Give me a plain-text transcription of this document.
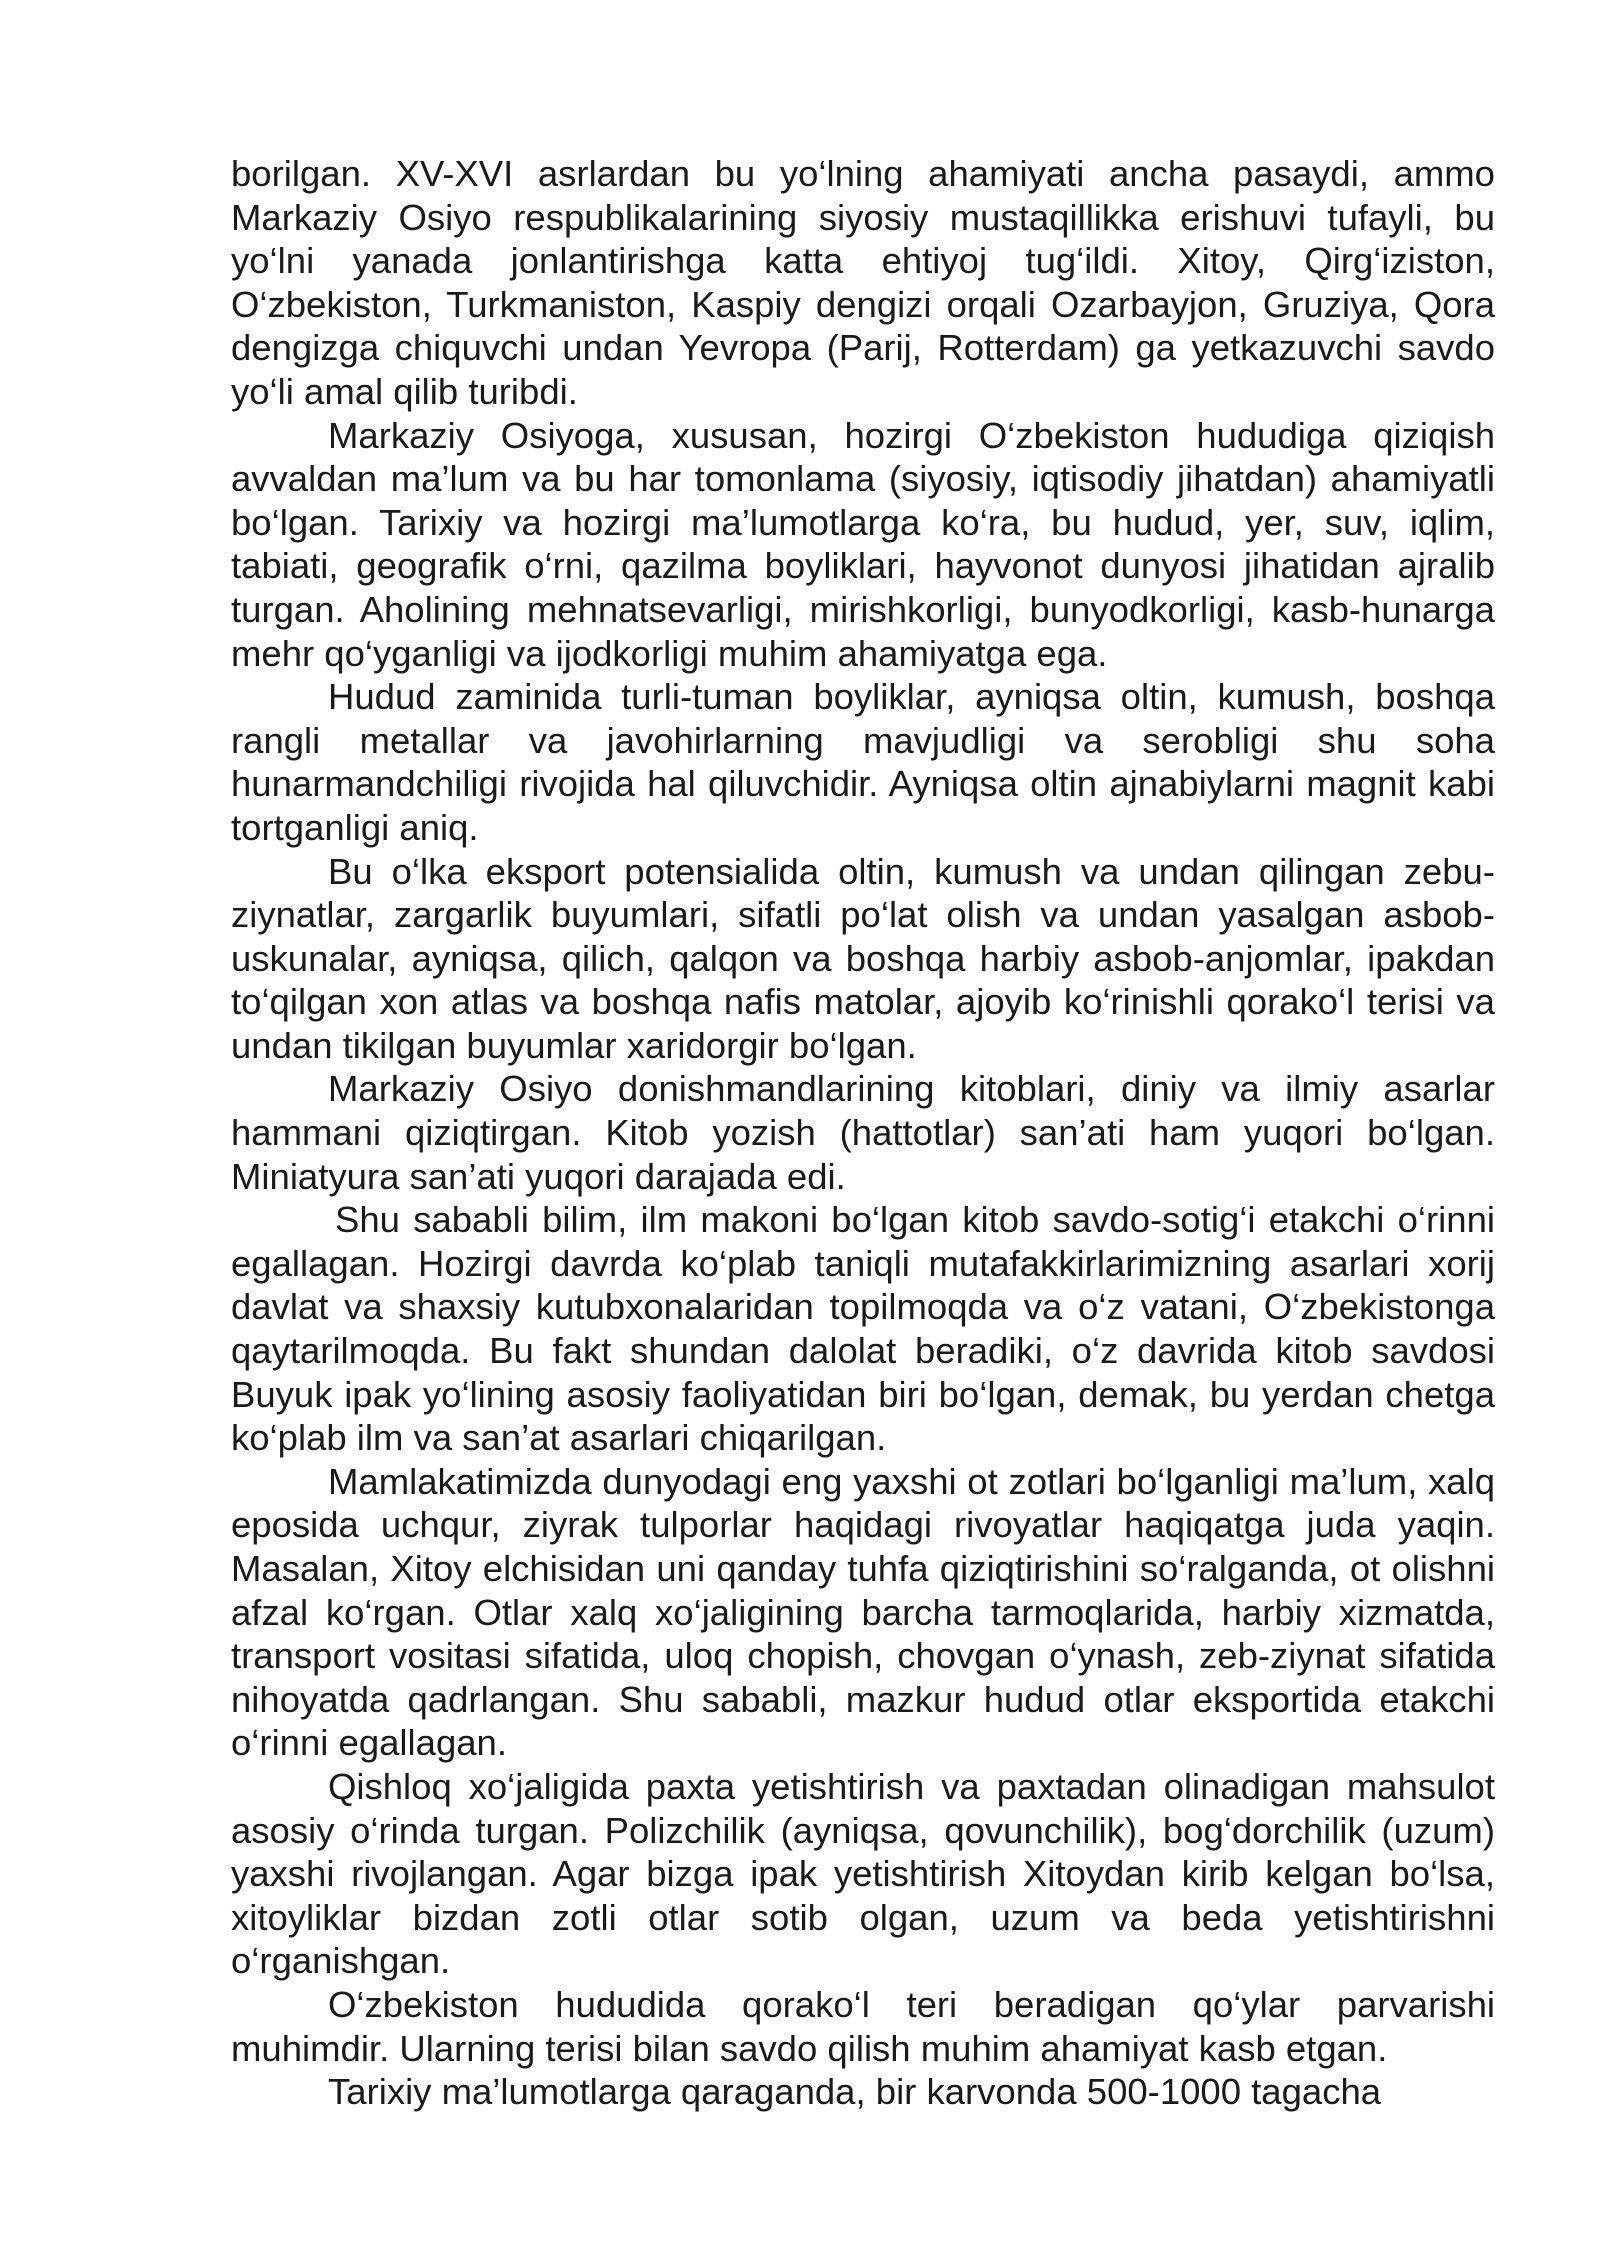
borilgan. XV-XVI asrlardan bu yo‘lning ahamiyati ancha pasaydi, ammo Markaziy Osiyo respublikalarining siyosiy mustaqillikka erishuvi tufayli, bu yo‘lni yanada jonlantirishga katta ehtiyoj tug‘ildi. Xitoy, Qirg‘iziston, O‘zbekiston, Turkmaniston, Kaspiy dengizi orqali Ozarbayjon, Gruziya, Qora dengizga chiquvchi undan Yevropa (Parij, Rotterdam) ga yetkazuvchi savdo yo‘li amal qilib turibdi.

Markaziy Osiyoga, xususan, hozirgi O‘zbekiston hududiga qiziqish avvaldan ma’lum va bu har tomonlama (siyosiy, iqtisodiy jihatdan) ahamiyatli bo‘lgan. Tarixiy va hozirgi ma’lumotlarga ko‘ra, bu hudud, yer, suv, iqlim, tabiati, geografik o‘rni, qazilma boyliklari, hayvonot dunyosi jihatidan ajralib turgan. Aholining mehnatsevarligi, mirishkorligi, bunyodkorligi, kasb-hunarga mehr qo‘yganligi va ijodkorligi muhim ahamiyatga ega.

Hudud zaminida turli-tuman boyliklar, ayniqsa oltin, kumush, boshqa rangli metallar va javohirlarning mavjudligi va serobligi shu soha hunarmandchiligi rivojida hal qiluvchidir. Ayniqsa oltin ajnabiylarni magnit kabi tortganligi aniq.

Bu o‘lka eksport potensialida oltin, kumush va undan qilingan zebu-ziynatlar, zargarlik buyumlari, sifatli po‘lat olish va undan yasalgan asbob-uskunalar, ayniqsa, qilich, qalqon va boshqa harbiy asbob-anjomlar, ipakdan to‘qilgan xon atlas va boshqa nafis matolar, ajoyib ko‘rinishli qorako‘l terisi va undan tikilgan buyumlar xaridorgir bo‘lgan.

Markaziy Osiyo donishmandlarining kitoblari, diniy va ilmiy asarlar hammani qiziqtirgan. Kitob yozish (hattotlar) san’ati ham yuqori bo‘lgan. Miniatyura san’ati yuqori darajada edi.

Shu sababli bilim, ilm makoni bo‘lgan kitob savdo-sotig‘i etakchi o‘rinni egallagan. Hozirgi davrda ko‘plab taniqli mutafakkirlarimizning asarlari xorij davlat va shaxsiy kutubxonalaridan topilmoqda va o‘z vatani, O‘zbekistonga qaytarilmoqda. Bu fakt shundan dalolat beradiki, o‘z davrida kitob savdosi Buyuk ipak yo‘lining asosiy faoliyatidan biri bo‘lgan, demak, bu yerdan chetga ko‘plab ilm va san’at asarlari chiqarilgan.

Mamlakatimizda dunyodagi eng yaxshi ot zotlari bo‘lganligi ma’lum, xalq eposida uchqur, ziyrak tulporlar haqidagi rivoyatlar haqiqatga juda yaqin. Masalan, Xitoy elchisidan uni qanday tuhfa qiziqtirishini so‘ralganda, ot olishni afzal ko‘rgan. Otlar xalq xo‘jaligining barcha tarmoqlarida, harbiy xizmatda, transport vositasi sifatida, uloq chopish, chovgan o‘ynash, zeb-ziynat sifatida nihoyatda qadrlangan. Shu sababli, mazkur hudud otlar eksportida etakchi o‘rinni egallagan.

Qishloq xo‘jaligida paxta yetishtirish va paxtadan olinadigan mahsulot asosiy o‘rinda turgan. Polizchilik (ayniqsa, qovunchilik), bog‘dorchilik (uzum) yaxshi rivojlangan. Agar bizga ipak yetishtirish Xitoydan kirib kelgan bo‘lsa, xitoyliklar bizdan zotli otlar sotib olgan, uzum va beda yetishtirishni o‘rganishgan.

O‘zbekiston hududida qorako‘l teri beradigan qo‘ylar parvarishi muhimdir. Ularning terisi bilan savdo qilish muhim ahamiyat kasb etgan.

Tarixiy ma’lumotlarga qaraganda, bir karvonda 500-1000 tagacha
